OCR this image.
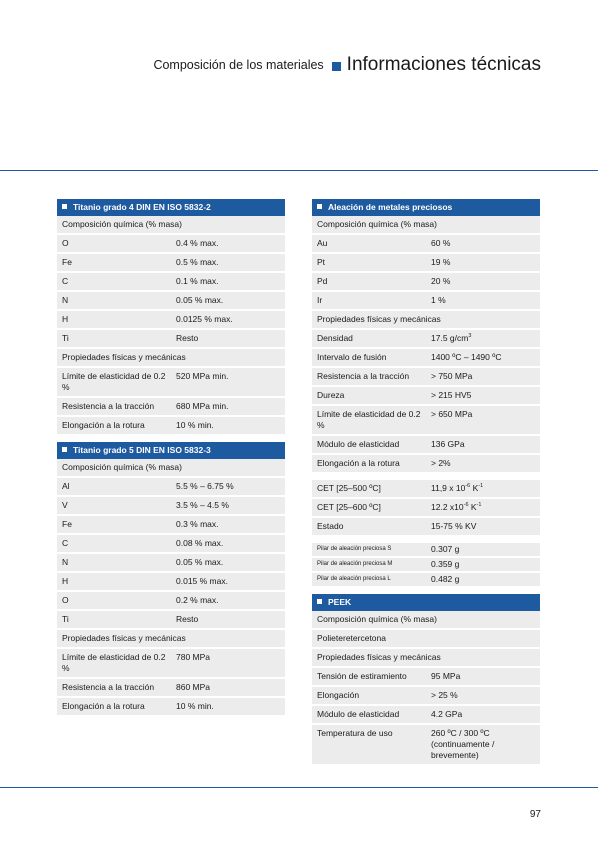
Composición de los materiales Informaciones técnicas
Titanio grado 4 DIN EN ISO 5832-2	
Composición química (% masa)	
O	0.4 % max.
Fe	0.5 % max.
C	0.1 % max.
N	0.05 % max.
H	0.0125 % max.
Ti	Resto
Propiedades físicas y mecánicas	
Límite de elasticidad de 0.2 %	520 MPa min.
Resistencia a la tracción	680 MPa min.
Elongación a la rotura	10 % min.
Titanio grado 5 DIN EN ISO 5832-3	
Composición química (% masa)	
Al	5.5 % – 6.75 %
V	3.5 % – 4.5 %
Fe	0.3 % max.
C	0.08 % max.
N	0.05 % max.
H	0.015 % max.
O	0.2 % max.
Ti	Resto
Propiedades físicas y mecánicas	
Límite de elasticidad de 0.2 %	780 MPa
Resistencia a la tracción	860 MPa
Elongación a la rotura	10 % min.
Aleación de metales preciosos	
Composición química (% masa)	
Au	60 %
Pt	19 %
Pd	20 %
Ir	1 %
Propiedades físicas y mecánicas	
Densidad	17.5 $g/cm^3$
Intervalo de fusión	1400 ºC – 1490 ºC
Resistencia a la tracción	> 750 MPa
Dureza	> 215 HV5
Límite de elasticidad de 0.2 %	> 650 MPa
Módulo de elasticidad	136 GPa
Elongación a la rotura	> 2%

CET [25–500 ºC]	11,9 x $10^{-6}$ $K^{-1}$
CET [25–600 ºC]	12.2 $x10^{-6}$ $K^{-1}$
Estado	15-75 % KV

Pilar de aleación preciosa S	0.307 g
Pilar de aleación preciosa M	0.359 g
Pilar de aleación preciosa L	0.482 g
PEEK	
Composición química (% masa)	
Polieteretercetona	
Propiedades físicas y mecánicas	
Tensión de estiramiento	95 MPa
Elongación	> 25 %
Módulo de elasticidad	4.2 GPa
Temperatura de uso	260 ºC / 300 ºC (continuamente / brevemente)
97
